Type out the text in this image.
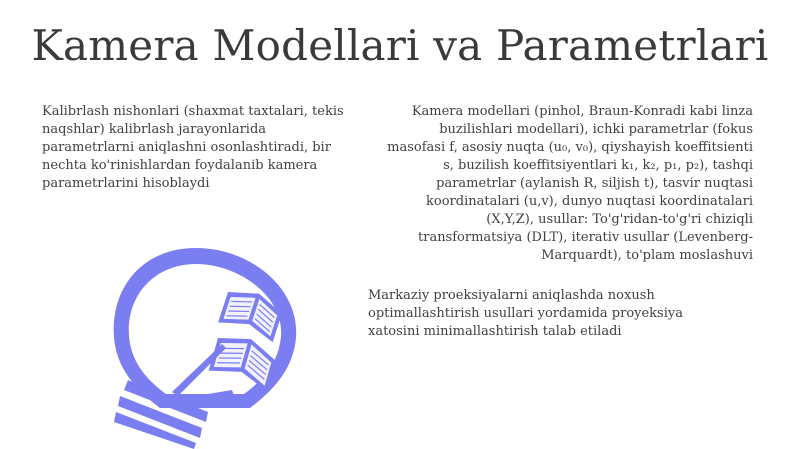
Kamera Modellari va Parametrlari

Kalibrlash nishonlari (shaxmat taxtalari, tekis naqshlar) kalibrlash jarayonlarida parametrlarni aniqlashni osonlashtiradi, bir nechta ko'rinishlardan foydalanib kamera parametrlarini hisoblaydi

Kamera modellari (pinhol, Braun-Konradi kabi linza buzilishlari modellari), ichki parametrlar (fokus masofasi f, asosiy nuqta (u₀, v₀), qiyshayish koeffitsienti s, buzilish koeffitsiyentlari k₁, k₂, p₁, p₂), tashqi parametrlar (aylanish R, siljish t), tasvir nuqtasi koordinatalari (u,v), dunyo nuqtasi koordinatalari (X,Y,Z), usullar: To'g'ridan-to'g'ri chiziqli transformatsiya (DLT), iterativ usullar (Levenberg-Marquardt), to'plam moslashuvi

Markaziy proeksiyalarni aniqlashda noxush optimallashtirish usullari yordamida proyeksiya xatosini minimallashtirish talab etiladi
